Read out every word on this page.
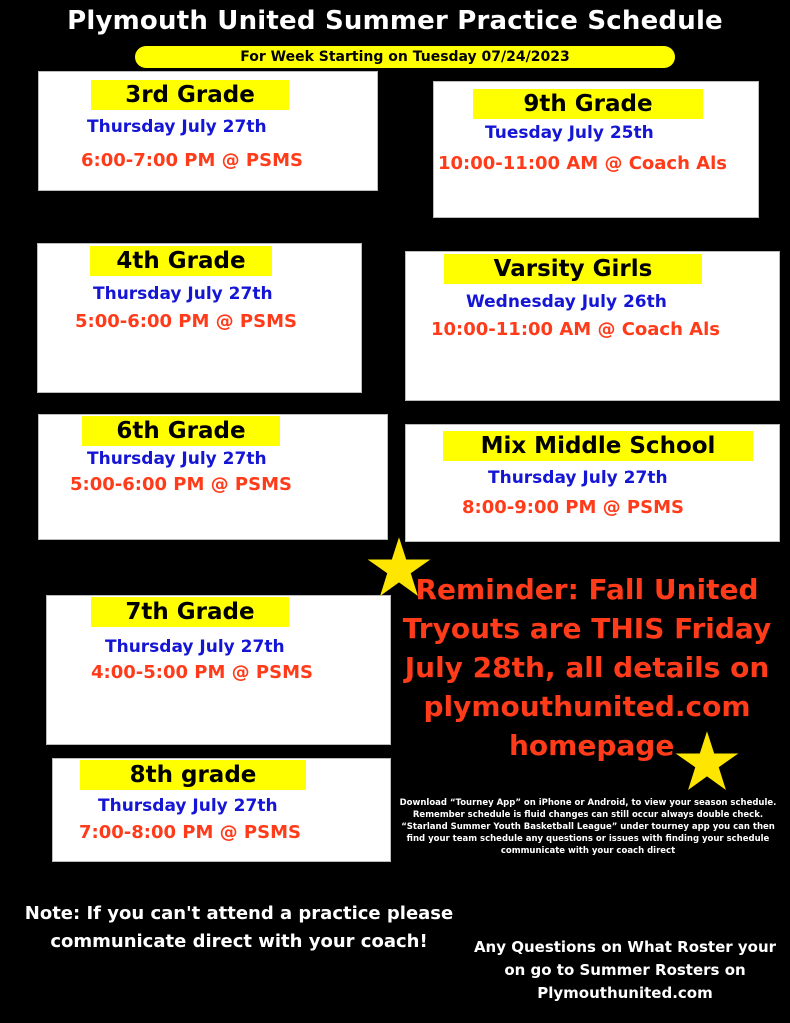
Plymouth United Summer Practice Schedule
For Week Starting on Tuesday 07/24/2023
3rd Grade
Thursday July 27th
6:00-7:00 PM @ PSMS
9th Grade
Tuesday July 25th
10:00-11:00 AM @ Coach Als
4th Grade
Thursday July 27th
5:00-6:00 PM @ PSMS
Varsity Girls
Wednesday July 26th
10:00-11:00 AM @ Coach Als
6th Grade
Thursday July 27th
5:00-6:00 PM @ PSMS
Mix Middle School
Thursday July 27th
8:00-9:00 PM @ PSMS
7th Grade
Thursday July 27th
4:00-5:00 PM @ PSMS
8th grade
Thursday July 27th
7:00-8:00 PM @ PSMS
Reminder: Fall United
Tryouts are THIS Friday
July 28th, all details on
plymouthunited.com
homepage
Download “Tourney App” on iPhone or Android, to view your season schedule.
Remember schedule is fluid changes can still occur always double check.
“Starland Summer Youth Basketball League” under tourney app you can then
find your team schedule any questions or issues with finding your schedule
communicate with your coach direct
Note: If you can't attend a practice please
communicate direct with your coach!	Any Questions on What Roster your
on go to Summer Rosters on
Plymouthunited.com
